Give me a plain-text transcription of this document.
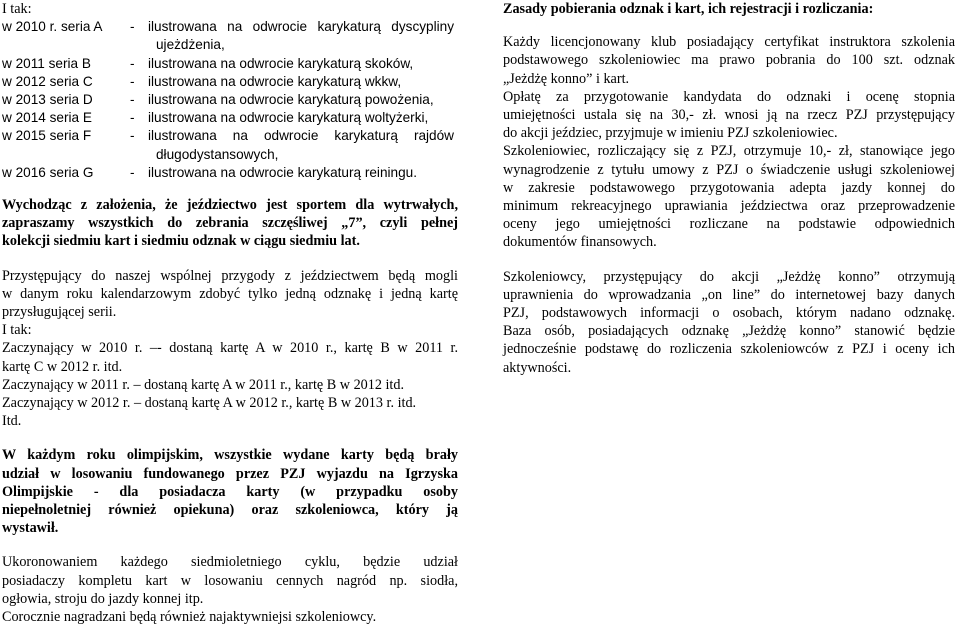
I tak:

w 2010 r. seria A - ilustrowana na odwrocie karykaturą dyscypliny
ujeżdżenia,
w 2011 seria B	- ilustrowana na odwrocie karykaturą skoków,
w 2012 seria C	- ilustrowana na odwrocie karykaturą wkkw,
w 2013 seria D	- ilustrowana na odwrocie karykaturą powożenia,
w 2014 seria E	- ilustrowana na odwrocie karykaturą woltyżerki,
w 2015 seria F	- ilustrowana na odwrocie karykaturą rajdów
długodystansowych,
w 2016 seria G	- ilustrowana na odwrocie karykaturą reiningu.
Wychodząc z założenia, że jeździectwo jest sportem dla wytrwałych,
zapraszamy wszystkich do zebrania szczęśliwej „7”, czyli pełnej
kolekcji siedmiu kart i siedmiu odznak w ciągu siedmiu lat.
Przystępujący do naszej wspólnej przygody z jeździectwem będą mogli
w danym roku kalendarzowym zdobyć tylko jedną odznakę i jedną kartę
przysługującej serii.
I tak:
Zaczynający w 2010 r. –- dostaną kartę A w 2010 r., kartę B w 2011 r.
kartę C w 2012 r. itd.
Zaczynający w 2011 r. – dostaną kartę A w 2011 r., kartę B w 2012 itd.
Zaczynający w 2012 r. – dostaną kartę A w 2012 r., kartę B w 2013 r. itd.
Itd.
W każdym roku olimpijskim, wszystkie wydane karty będą brały
udział w losowaniu fundowanego przez PZJ wyjazdu na Igrzyska
Olimpijskie - dla posiadacza karty (w przypadku osoby
niepełnoletniej również opiekuna) oraz szkoleniowca, który ją
wystawił.
Ukoronowaniem każdego siedmioletniego cyklu, będzie udział
posiadaczy kompletu kart w losowaniu cennych nagród np. siodła,
ogłowia, stroju do jazdy konnej itp.
Corocznie nagradzani będą również najaktywniejsi szkoleniowcy.
Zasady pobierania odznak i kart, ich rejestracji i rozliczania:
Każdy licencjonowany klub posiadający certyfikat instruktora szkolenia
podstawowego szkoleniowiec ma prawo pobrania do 100 szt. odznak
„Jeżdżę konno” i kart.
Opłatę za przygotowanie kandydata do odznaki i ocenę stopnia
umiejętności ustala się na 30,- zł. wnosi ją na rzecz PZJ przystępujący
do akcji jeździec, przyjmuje w imieniu PZJ szkoleniowiec.
Szkoleniowiec, rozliczający się z PZJ, otrzymuje 10,- zł, stanowiące jego
wynagrodzenie z tytułu umowy z PZJ o świadczenie usługi szkoleniowej
w zakresie podstawowego przygotowania adepta jazdy konnej do
minimum rekreacyjnego uprawiania jeździectwa oraz przeprowadzenie
oceny jego umiejętności rozliczane na podstawie odpowiednich
dokumentów finansowych.
Szkoleniowcy, przystępujący do akcji „Jeżdżę konno” otrzymują
uprawnienia do wprowadzania „on line” do internetowej bazy danych
PZJ, podstawowych informacji o osobach, którym nadano odznakę.
Baza osób, posiadających odznakę „Jeżdżę konno” stanowić będzie
jednocześnie podstawę do rozliczenia szkoleniowców z PZJ i oceny ich
aktywności.
